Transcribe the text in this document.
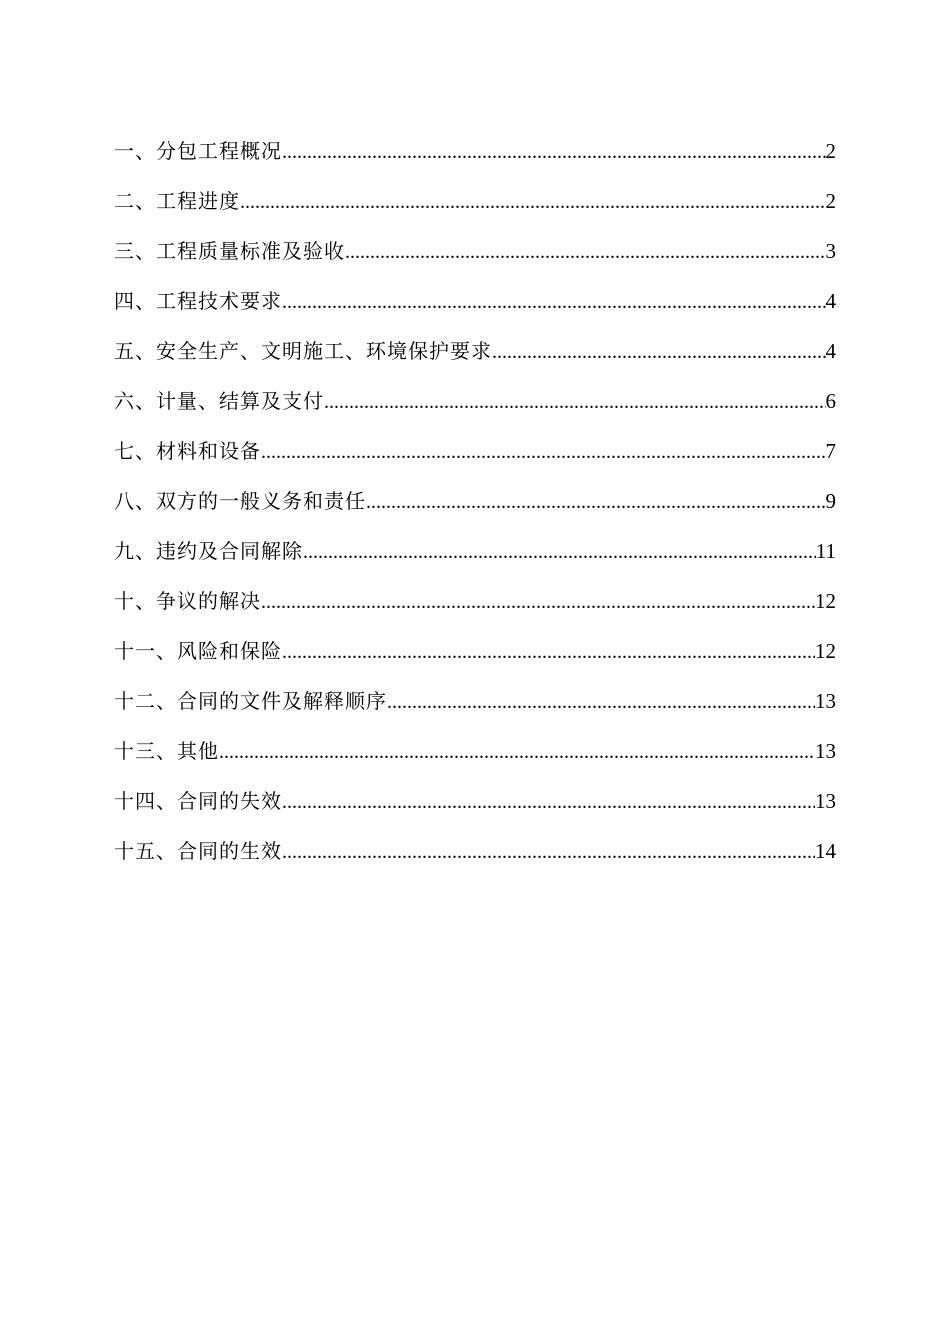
一、分包工程概况 .....	2
二、工程进度 .....	2
三、工程质量标准及验收 .....	3
四、工程技术要求 .....	4
五、安全生产、文明施工、环境保护要求 .....	4
六、计量、结算及支付 .....	6
七、材料和设备 .....	7
八、双方的一般义务和责任 .....	9
九、违约及合同解除 .....	11
十、争议的解决 .....	12
十一、风险和保险 .....	12
十二、合同的文件及解释顺序 .....	13
十三、其他 .....	13
十四、合同的失效 .....	13
十五、合同的生效 .....	14
